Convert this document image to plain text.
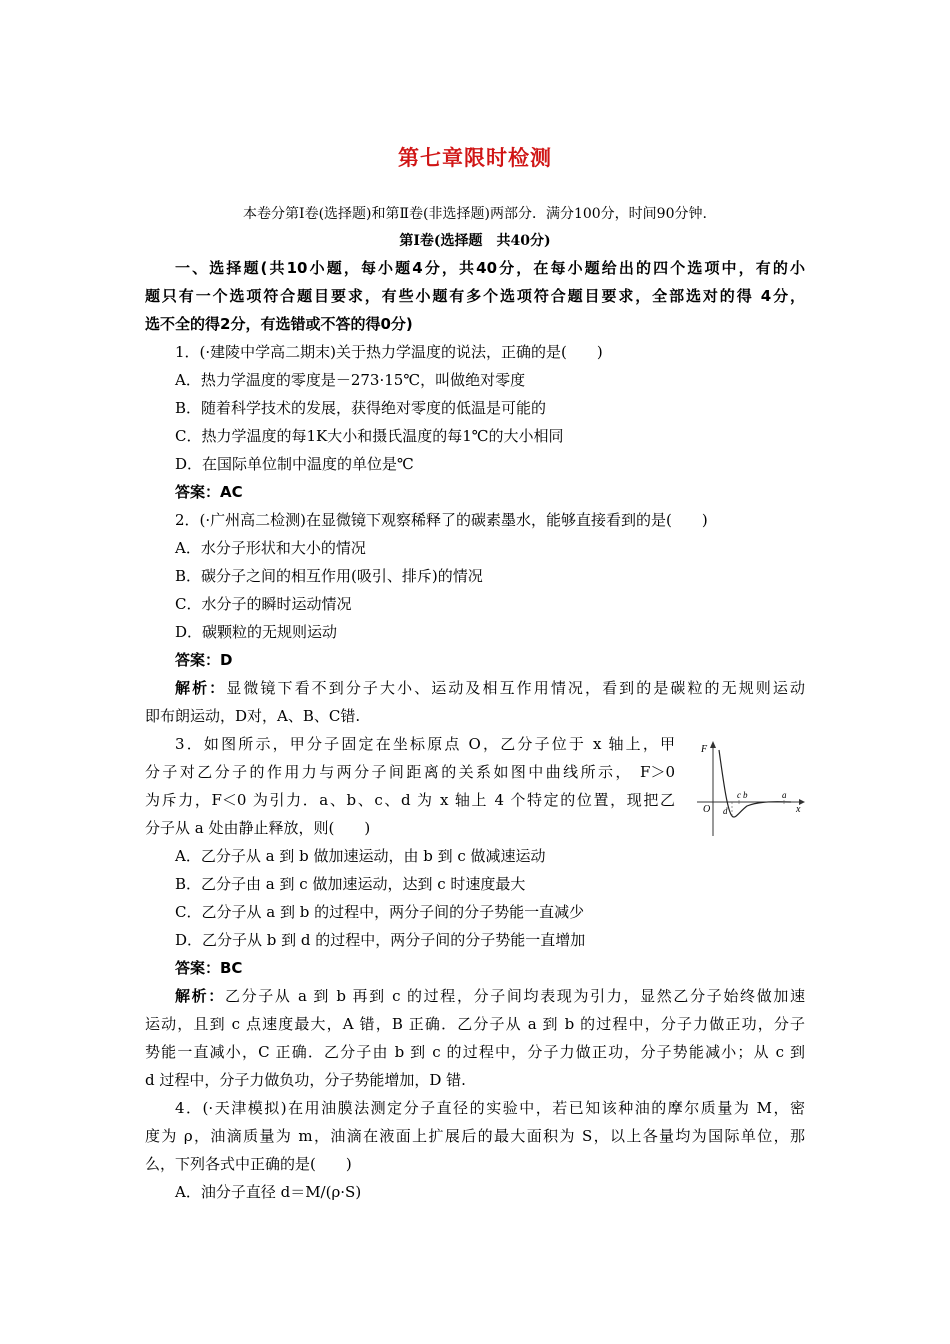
第七章限时检测
本卷分第Ⅰ卷(选择题)和第Ⅱ卷(非选择题)两部分．满分100分，时间90分钟.
第Ⅰ卷(选择题　共40分)
一、选择题(共10小题，每小题4分，共40分，在每小题给出的四个选项中，有的小
题只有一个选项符合题目要求，有些小题有多个选项符合题目要求，全部选对的得 4分，
选不全的得2分，有选错或不答的得0分)
1．(·建陵中学高二期末)关于热力学温度的说法，正确的是(　　)
A．热力学温度的零度是－273·15℃，叫做绝对零度
B．随着科学技术的发展，获得绝对零度的低温是可能的
C．热力学温度的每1K大小和摄氏温度的每1℃的大小相同
D．在国际单位制中温度的单位是℃
答案：AC
2．(·广州高二检测)在显微镜下观察稀释了的碳素墨水，能够直接看到的是(　　)
A．水分子形状和大小的情况
B．碳分子之间的相互作用(吸引、排斥)的情况
C．水分子的瞬时运动情况
D．碳颗粒的无规则运动
答案：D
解析：显微镜下看不到分子大小、运动及相互作用情况，看到的是碳粒的无规则运动
即布朗运动，D对，A、B、C错.
3．如图所示，甲分子固定在坐标原点 O，乙分子位于 x 轴上，甲
分子对乙分子的作用力与两分子间距离的关系如图中曲线所示， F＞0
为斥力，F＜0 为引力．a、b、c、d 为 x 轴上 4 个特定的位置，现把乙
分子从 a 处由静止释放，则(　　)
F
O	x
c b	a
d
A．乙分子从 a 到 b 做加速运动，由 b 到 c 做减速运动
B．乙分子由 a 到 c 做加速运动，达到 c 时速度最大
C．乙分子从 a 到 b 的过程中，两分子间的分子势能一直减少
D．乙分子从 b 到 d 的过程中，两分子间的分子势能一直增加
答案：BC
解析：乙分子从 a 到 b 再到 c 的过程，分子间均表现为引力，显然乙分子始终做加速
运动，且到 c 点速度最大，A 错，B 正确．乙分子从 a 到 b 的过程中，分子力做正功，分子
势能一直减小，C 正确．乙分子由 b 到 c 的过程中，分子力做正功，分子势能减小；从 c 到
d 过程中，分子力做负功，分子势能增加，D 错.
4．(·天津模拟)在用油膜法测定分子直径的实验中，若已知该种油的摩尔质量为 M，密
度为 ρ，油滴质量为 m，油滴在液面上扩展后的最大面积为 S，以上各量均为国际单位，那
么，下列各式中正确的是(　　)
A．油分子直径 d＝M/(ρ·S)
